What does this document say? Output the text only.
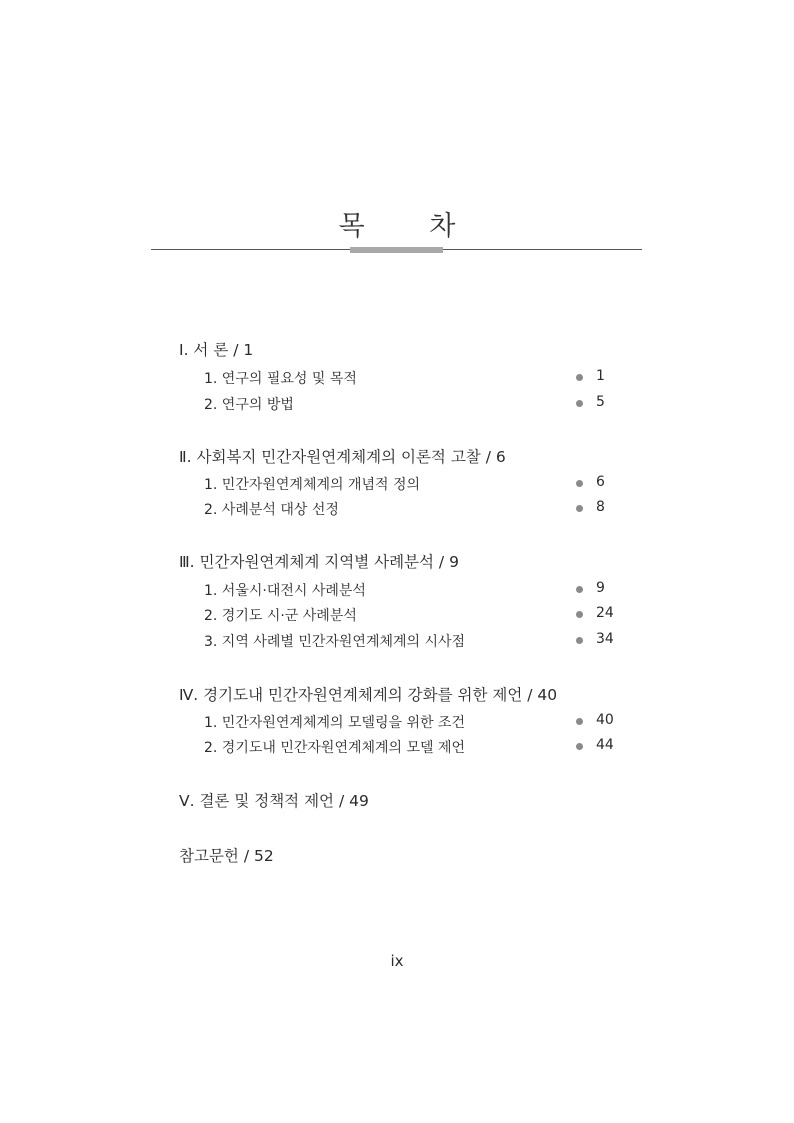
목 차
Ⅰ. 서 론 / 1
1. 연구의 필요성 및 목적	1
2. 연구의 방법	5
Ⅱ. 사회복지 민간자원연계체계의 이론적 고찰 / 6
1. 민간자원연계체계의 개념적 정의	6
2. 사례분석 대상 선정	8
Ⅲ. 민간자원연계체계 지역별 사례분석 / 9
1. 서울시·대전시 사례분석	9
2. 경기도 시·군 사례분석	24
3. 지역 사례별 민간자원연계체계의 시사점	34
Ⅳ. 경기도내 민간자원연계체계의 강화를 위한 제언 / 40
1. 민간자원연계체계의 모델링을 위한 조건	40
2. 경기도내 민간자원연계체계의 모델 제언	44
Ⅴ. 결론 및 정책적 제언 / 49
참고문헌 / 52
ix
